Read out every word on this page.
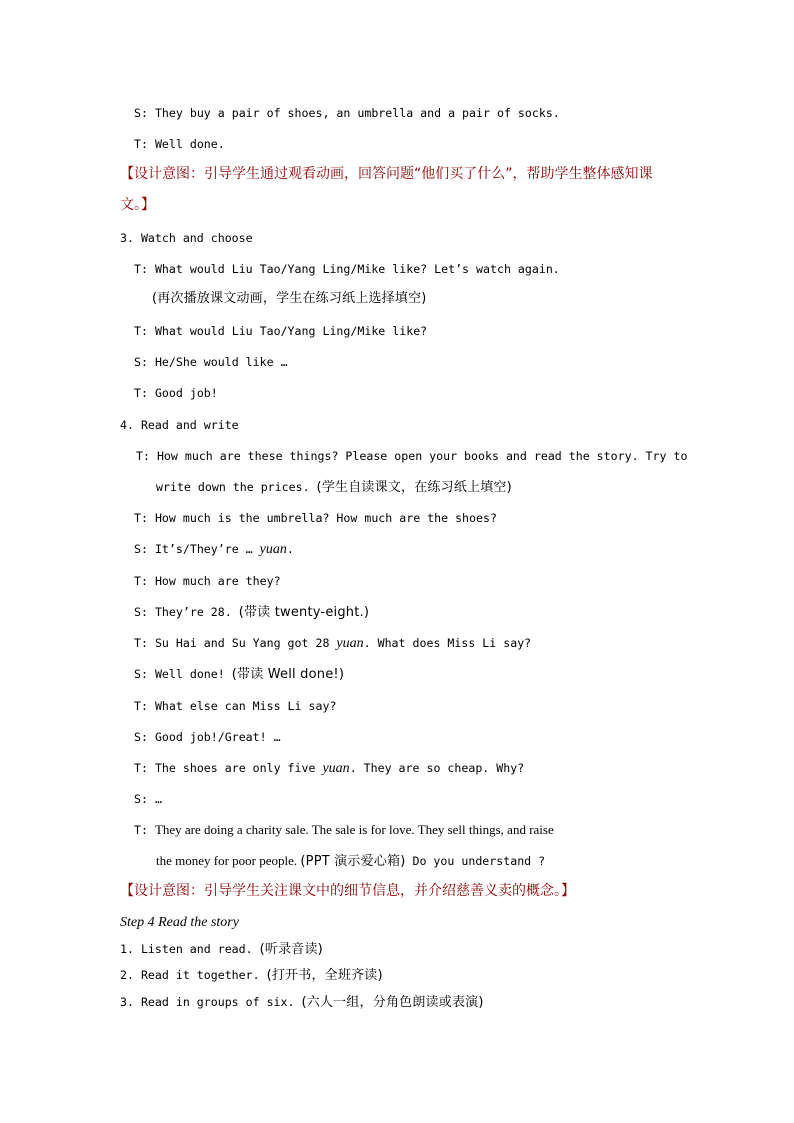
S: They buy a pair of shoes, an umbrella and a pair of socks.
T: Well done.
【设计意图：引导学生通过观看动画，回答问题“他们买了什么”，帮助学生整体感知课
文。】
3. Watch and choose
T: What would Liu Tao/Yang Ling/Mike like? Let’s watch again.
(再次播放课文动画，学生在练习纸上选择填空)
T: What would Liu Tao/Yang Ling/Mike like?
S: He/She would like …
T: Good job!
4. Read and write
T: How much are these things? Please open your books and read the story. Try to
write down the prices. (学生自读课文，在练习纸上填空)
T: How much is the umbrella? How much are the shoes?
S: It’s/They’re … yuan.
T: How much are they?
S: They’re 28. (带读 twenty-eight.)
T: Su Hai and Su Yang got 28 yuan. What does Miss Li say?
S: Well done! (带读 Well done!)
T: What else can Miss Li say?
S: Good job!/Great! …
T: The shoes are only five yuan. They are so cheap. Why?
S: …
T: They are doing a charity sale. The sale is for love. They sell things, and raise
the money for poor people. (PPT 演示爱心箱) Do you understand ?
【设计意图：引导学生关注课文中的细节信息，并介绍慈善义卖的概念。】
Step 4 Read the story
1. Listen and read. (听录音读)
2. Read it together. (打开书，全班齐读)
3. Read in groups of six. (六人一组，分角色朗读或表演)
